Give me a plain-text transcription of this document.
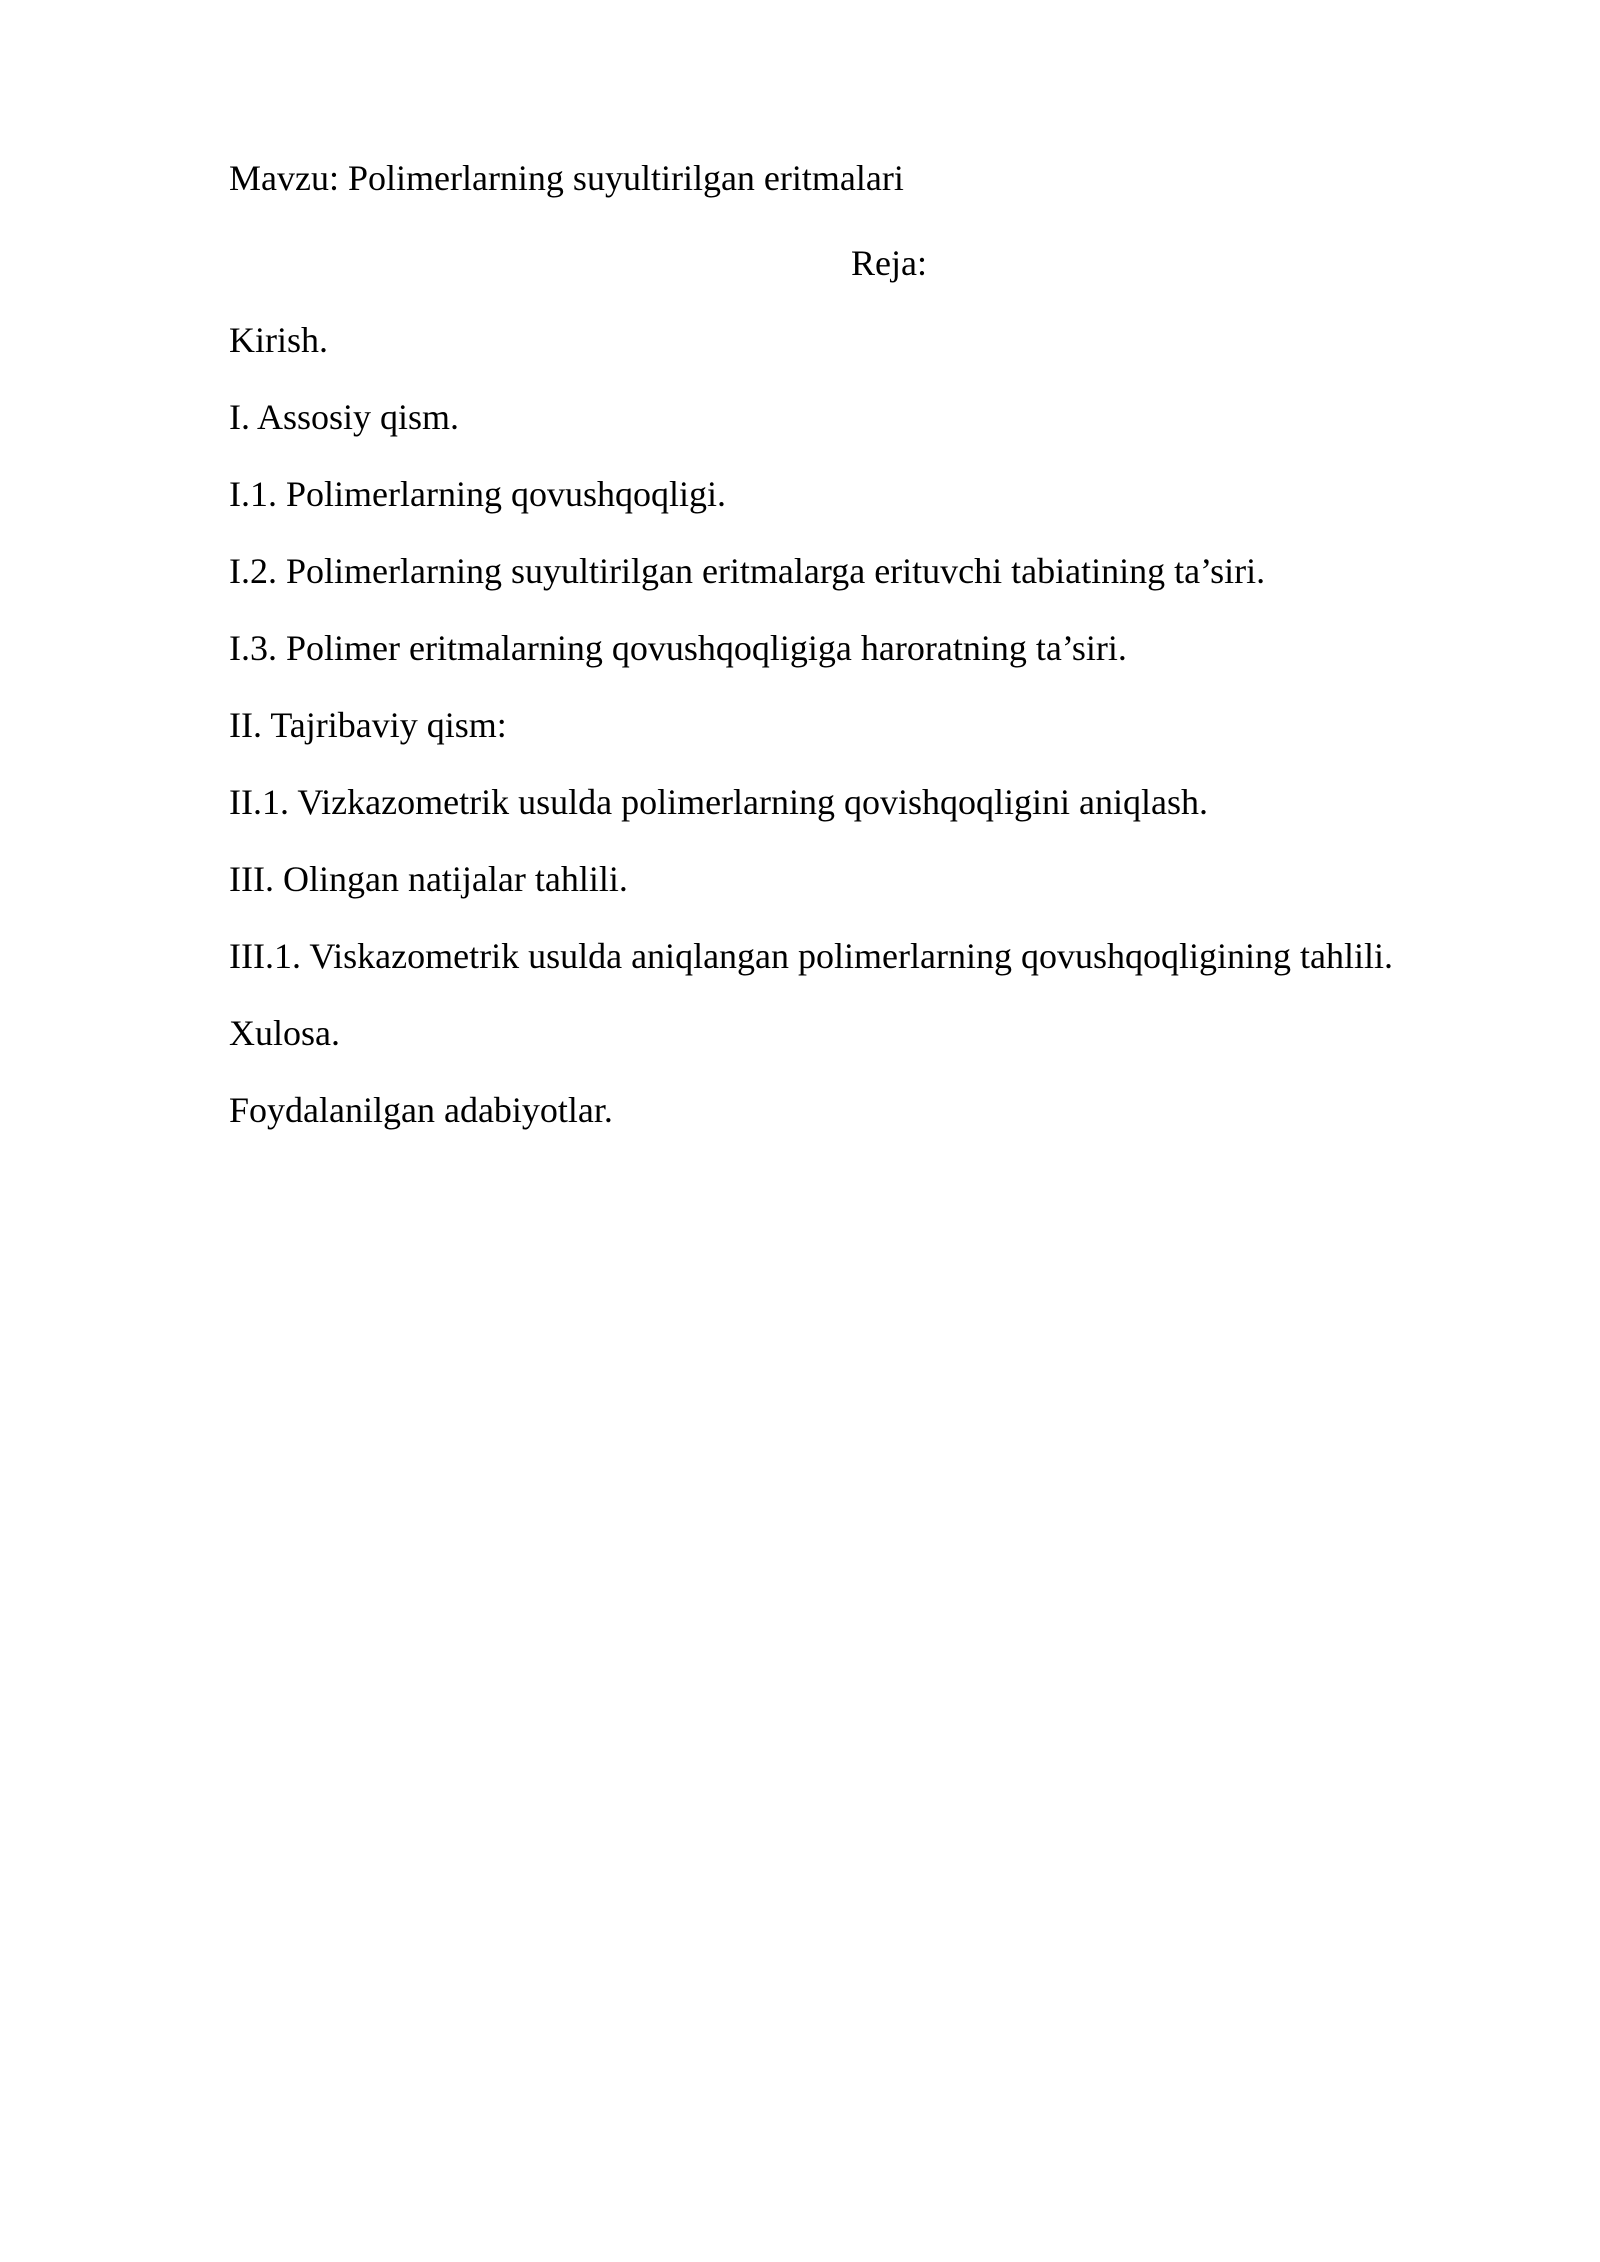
Mavzu: Polimerlarning suyultirilgan eritmalari

Reja:

Kirish.

I. Assosiy qism.

I.1. Polimerlarning qovushqoqligi.

I.2. Polimerlarning suyultirilgan eritmalarga erituvchi tabiatining ta’siri.

I.3. Polimer eritmalarning qovushqoqligiga haroratning ta’siri.

II. Tajribaviy qism:

II.1. Vizkazometrik usulda polimerlarning qovishqoqligini aniqlash.

III. Olingan natijalar tahlili.

III.1. Viskazometrik usulda aniqlangan polimerlarning qovushqoqligining tahlili.

Xulosa.

Foydalanilgan adabiyotlar.
